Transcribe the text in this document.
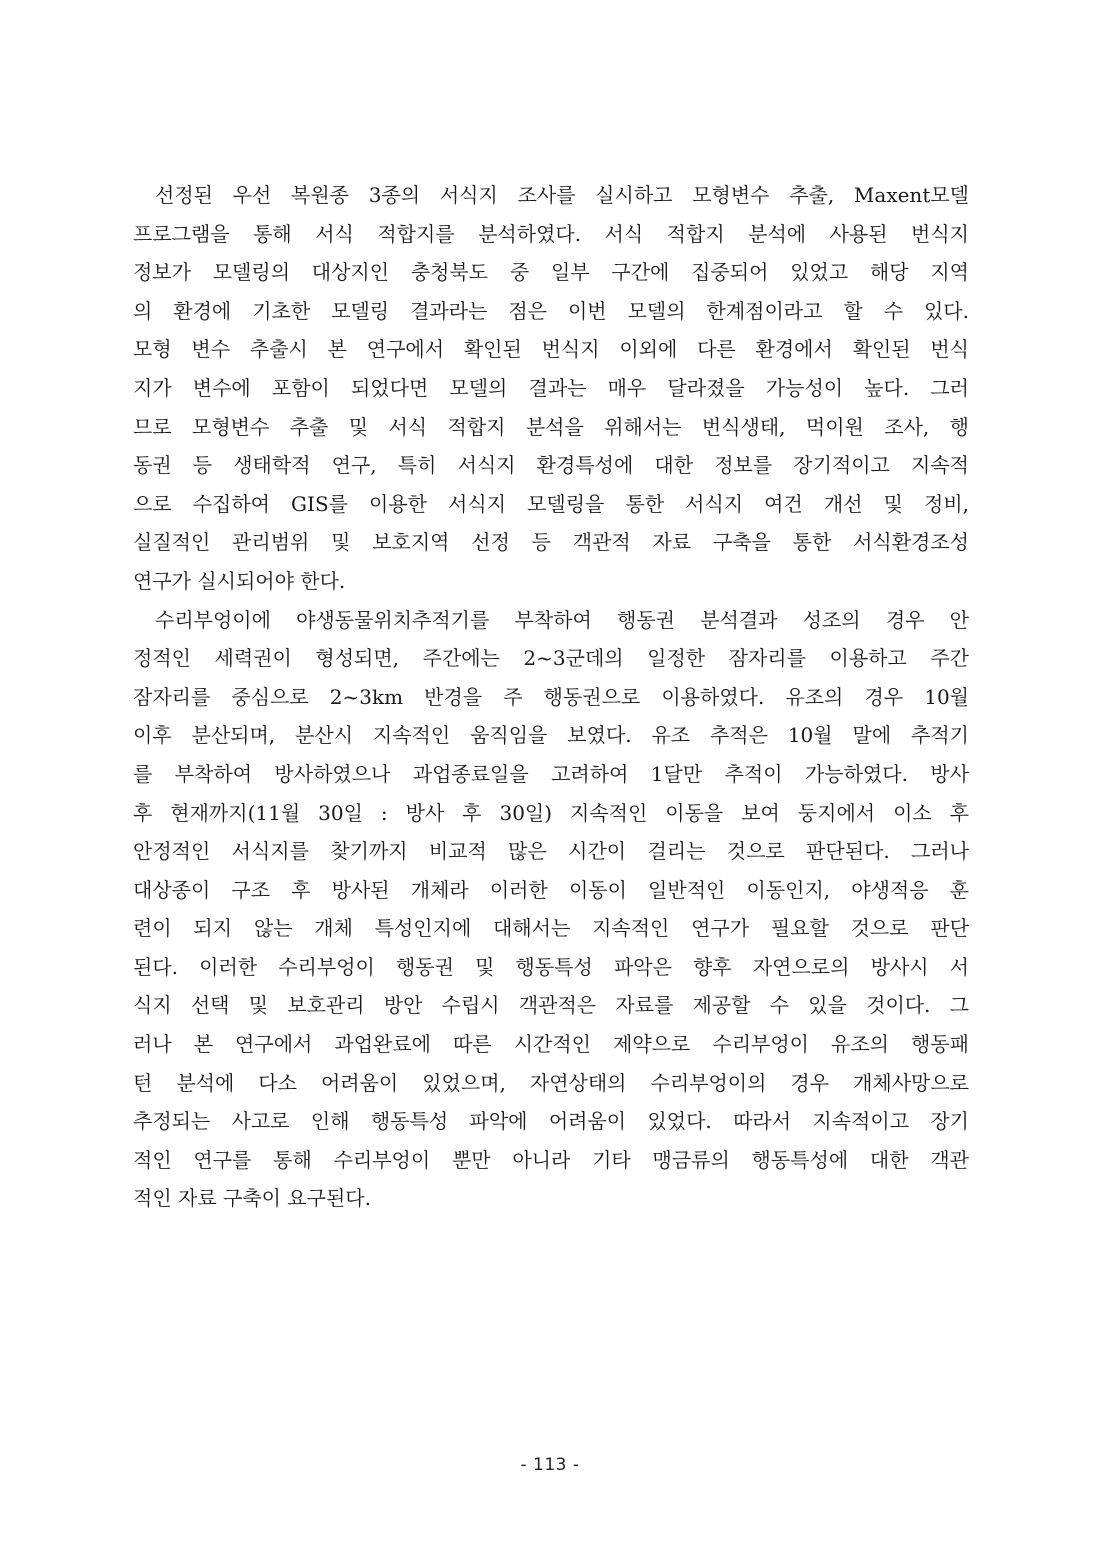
선정된 우선 복원종 3종의 서식지 조사를 실시하고 모형변수 추출, Maxent모델
프로그램을 통해 서식 적합지를 분석하였다. 서식 적합지 분석에 사용된 번식지
정보가 모델링의 대상지인 충청북도 중 일부 구간에 집중되어 있었고 해당 지역
의 환경에 기초한 모델링 결과라는 점은 이번 모델의 한계점이라고 할 수 있다.
모형 변수 추출시 본 연구에서 확인된 번식지 이외에 다른 환경에서 확인된 번식
지가 변수에 포함이 되었다면 모델의 결과는 매우 달라졌을 가능성이 높다. 그러
므로 모형변수 추출 및 서식 적합지 분석을 위해서는 번식생태, 먹이원 조사, 행
동권 등 생태학적 연구, 특히 서식지 환경특성에 대한 정보를 장기적이고 지속적
으로 수집하여 GIS를 이용한 서식지 모델링을 통한 서식지 여건 개선 및 정비,
실질적인 관리범위 및 보호지역 선정 등 객관적 자료 구축을 통한 서식환경조성
연구가 실시되어야 한다.
수리부엉이에 야생동물위치추적기를 부착하여 행동권 분석결과 성조의 경우 안
정적인 세력권이 형성되면, 주간에는 2~3군데의 일정한 잠자리를 이용하고 주간
잠자리를 중심으로 2~3km 반경을 주 행동권으로 이용하였다. 유조의 경우 10월
이후 분산되며, 분산시 지속적인 움직임을 보였다. 유조 추적은 10월 말에 추적기
를 부착하여 방사하였으나 과업종료일을 고려하여 1달만 추적이 가능하였다. 방사
후 현재까지(11월 30일 : 방사 후 30일) 지속적인 이동을 보여 둥지에서 이소 후
안정적인 서식지를 찾기까지 비교적 많은 시간이 걸리는 것으로 판단된다. 그러나
대상종이 구조 후 방사된 개체라 이러한 이동이 일반적인 이동인지, 야생적응 훈
련이 되지 않는 개체 특성인지에 대해서는 지속적인 연구가 필요할 것으로 판단
된다. 이러한 수리부엉이 행동권 및 행동특성 파악은 향후 자연으로의 방사시 서
식지 선택 및 보호관리 방안 수립시 객관적은 자료를 제공할 수 있을 것이다. 그
러나 본 연구에서 과업완료에 따른 시간적인 제약으로 수리부엉이 유조의 행동패
턴 분석에 다소 어려움이 있었으며, 자연상태의 수리부엉이의 경우 개체사망으로
추정되는 사고로 인해 행동특성 파악에 어려움이 있었다. 따라서 지속적이고 장기
적인 연구를 통해 수리부엉이 뿐만 아니라 기타 맹금류의 행동특성에 대한 객관
적인 자료 구축이 요구된다.
- 113 -
